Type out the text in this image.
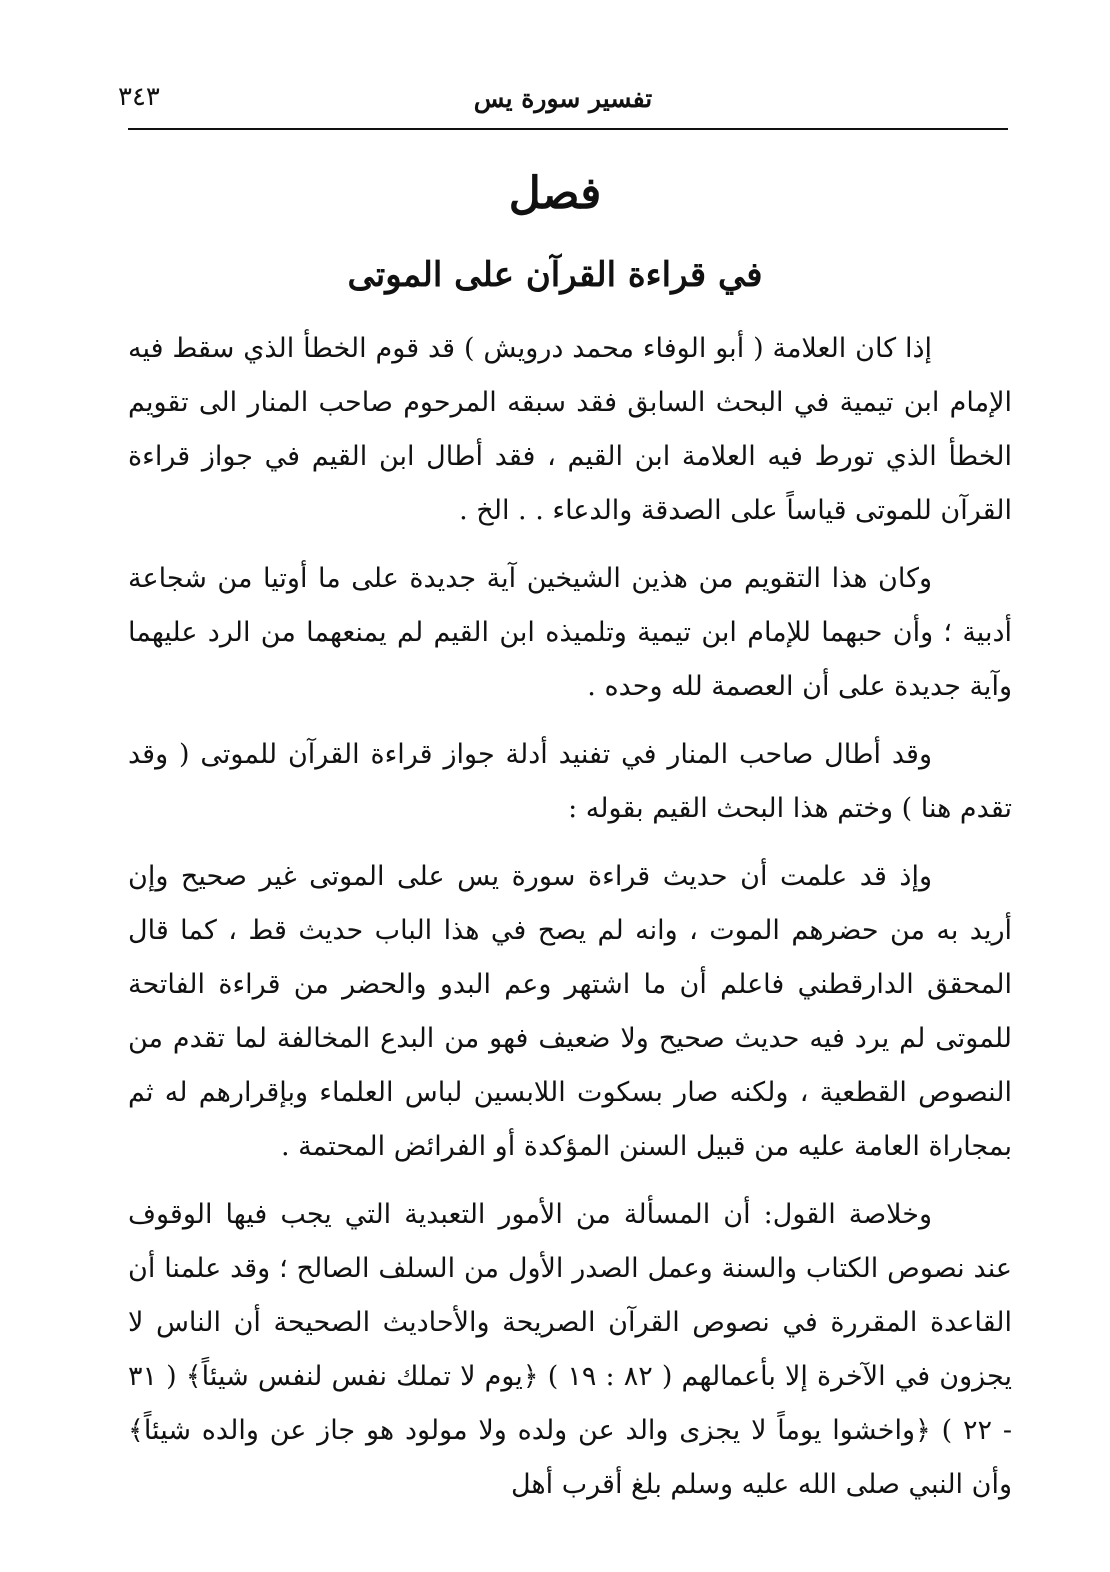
٣٤٣	تفسير سورة يس
فصل
في قراءة القرآن على الموتى

إذا كان العلامة ( أبو الوفاء محمد درويش ) قد قوم الخطأ الذي سقط فيه الإمام ابن تيمية في البحث السابق فقد سبقه المرحوم صاحب المنار الى تقويم الخطأ الذي تورط فيه العلامة ابن القيم ، فقد أطال ابن القيم في جواز قراءة القرآن للموتى قياساً على الصدقة والدعاء . . الخ .

وكان هذا التقويم من هذين الشيخين آية جديدة على ما أوتيا من شجاعة أدبية ؛ وأن حبهما للإمام ابن تيمية وتلميذه ابن القيم لم يمنعهما من الرد عليهما وآية جديدة على أن العصمة لله وحده .

وقد أطال صاحب المنار في تفنيد أدلة جواز قراءة القرآن للموتى ( وقد تقدم هنا ) وختم هذا البحث القيم بقوله :

وإذ قد علمت أن حديث قراءة سورة يس على الموتى غير صحيح وإن أريد به من حضرهم الموت ، وانه لم يصح في هذا الباب حديث قط ، كما قال المحقق الدارقطني فاعلم أن ما اشتهر وعم البدو والحضر من قراءة الفاتحة للموتى لم يرد فيه حديث صحيح ولا ضعيف فهو من البدع المخالفة لما تقدم من النصوص القطعية ، ولكنه صار بسكوت اللابسين لباس العلماء وبإقرارهم له ثم بمجاراة العامة عليه من قبيل السنن المؤكدة أو الفرائض المحتمة .

وخلاصة القول: أن المسألة من الأمور التعبدية التي يجب فيها الوقوف عند نصوص الكتاب والسنة وعمل الصدر الأول من السلف الصالح ؛ وقد علمنا أن القاعدة المقررة في نصوص القرآن الصريحة والأحاديث الصحيحة أن الناس لا يجزون في الآخرة إلا بأعمالهم ( ٨٢ : ١٩ ) ﴿يوم لا تملك نفس لنفس شيئاً﴾ ( ٣١ - ٢٢ ) ﴿واخشوا يوماً لا يجزى والد عن ولده ولا مولود هو جاز عن والده شيئاً﴾ وأن النبي صلى الله عليه وسلم بلغ أقرب أهل
